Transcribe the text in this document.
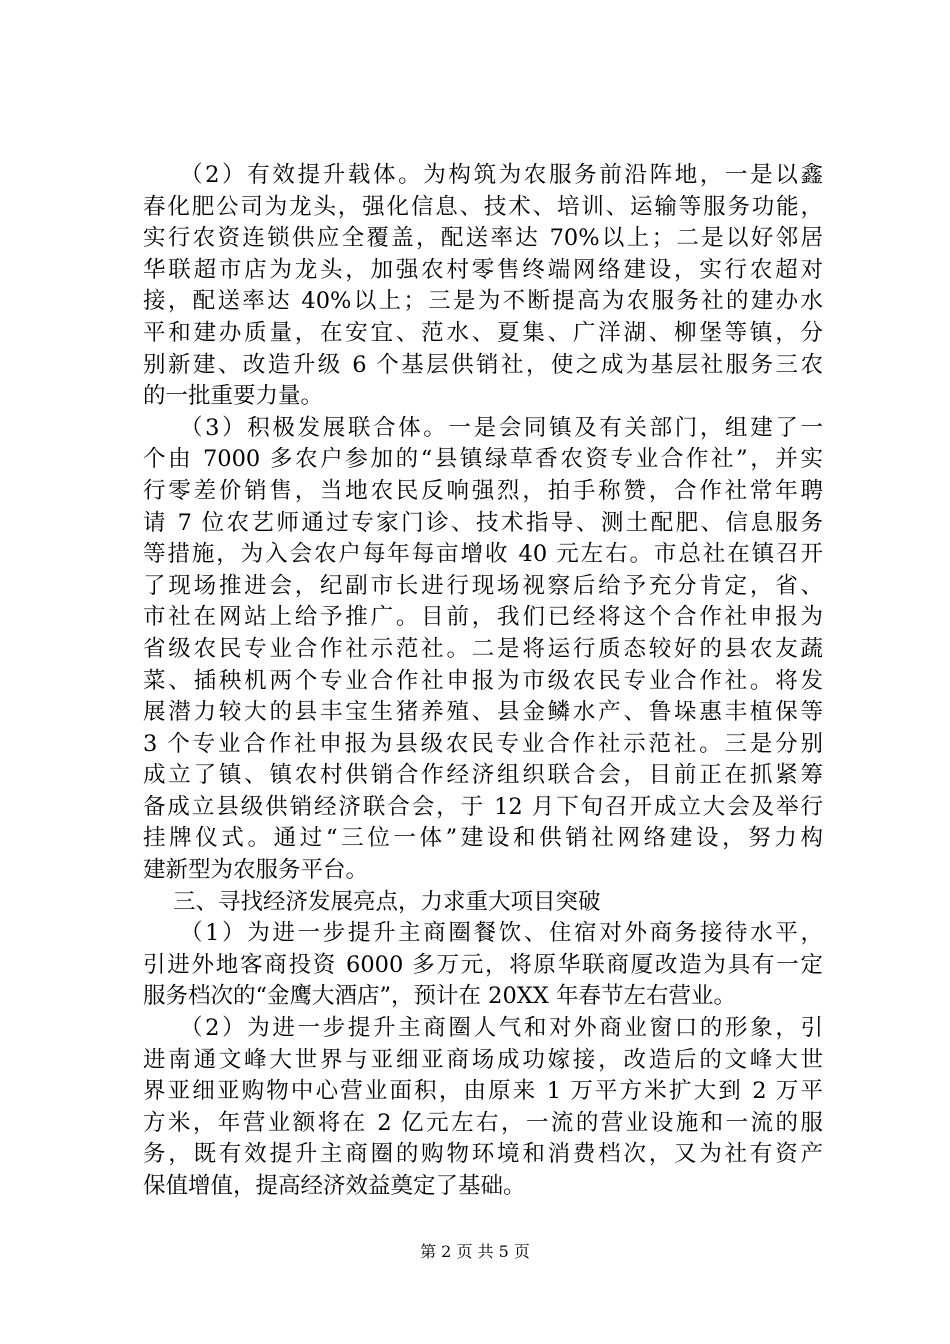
（2）有效提升载体。为构筑为农服务前沿阵地，一是以鑫
春化肥公司为龙头，强化信息、技术、培训、运输等服务功能，
实行农资连锁供应全覆盖，配送率达 70%以上；二是以好邻居
华联超市店为龙头，加强农村零售终端网络建设，实行农超对
接，配送率达 40%以上；三是为不断提高为农服务社的建办水
平和建办质量，在安宜、范水、夏集、广洋湖、柳堡等镇，分
别新建、改造升级 6 个基层供销社，使之成为基层社服务三农
的一批重要力量。
（3）积极发展联合体。一是会同镇及有关部门，组建了一
个由 7000 多农户参加的“县镇绿草香农资专业合作社”，并实
行零差价销售，当地农民反响强烈，拍手称赞，合作社常年聘
请 7 位农艺师通过专家门诊、技术指导、测土配肥、信息服务
等措施，为入会农户每年每亩增收 40 元左右。市总社在镇召开
了现场推进会，纪副市长进行现场视察后给予充分肯定，省、
市社在网站上给予推广。目前，我们已经将这个合作社申报为
省级农民专业合作社示范社。二是将运行质态较好的县农友蔬
菜、插秧机两个专业合作社申报为市级农民专业合作社。将发
展潜力较大的县丰宝生猪养殖、县金鳞水产、鲁垛惠丰植保等
3 个专业合作社申报为县级农民专业合作社示范社。三是分别
成立了镇、镇农村供销合作经济组织联合会，目前正在抓紧筹
备成立县级供销经济联合会，于 12 月下旬召开成立大会及举行
挂牌仪式。通过“三位一体”建设和供销社网络建设，努力构
建新型为农服务平台。
三、寻找经济发展亮点，力求重大项目突破
（1）为进一步提升主商圈餐饮、住宿对外商务接待水平，
引进外地客商投资 6000 多万元，将原华联商厦改造为具有一定
服务档次的“金鹰大酒店”，预计在 20XX 年春节左右营业。
（2）为进一步提升主商圈人气和对外商业窗口的形象，引
进南通文峰大世界与亚细亚商场成功嫁接，改造后的文峰大世
界亚细亚购物中心营业面积，由原来 1 万平方米扩大到 2 万平
方米，年营业额将在 2 亿元左右，一流的营业设施和一流的服
务，既有效提升主商圈的购物环境和消费档次，又为社有资产
保值增值，提高经济效益奠定了基础。
第 2 页 共 5 页
